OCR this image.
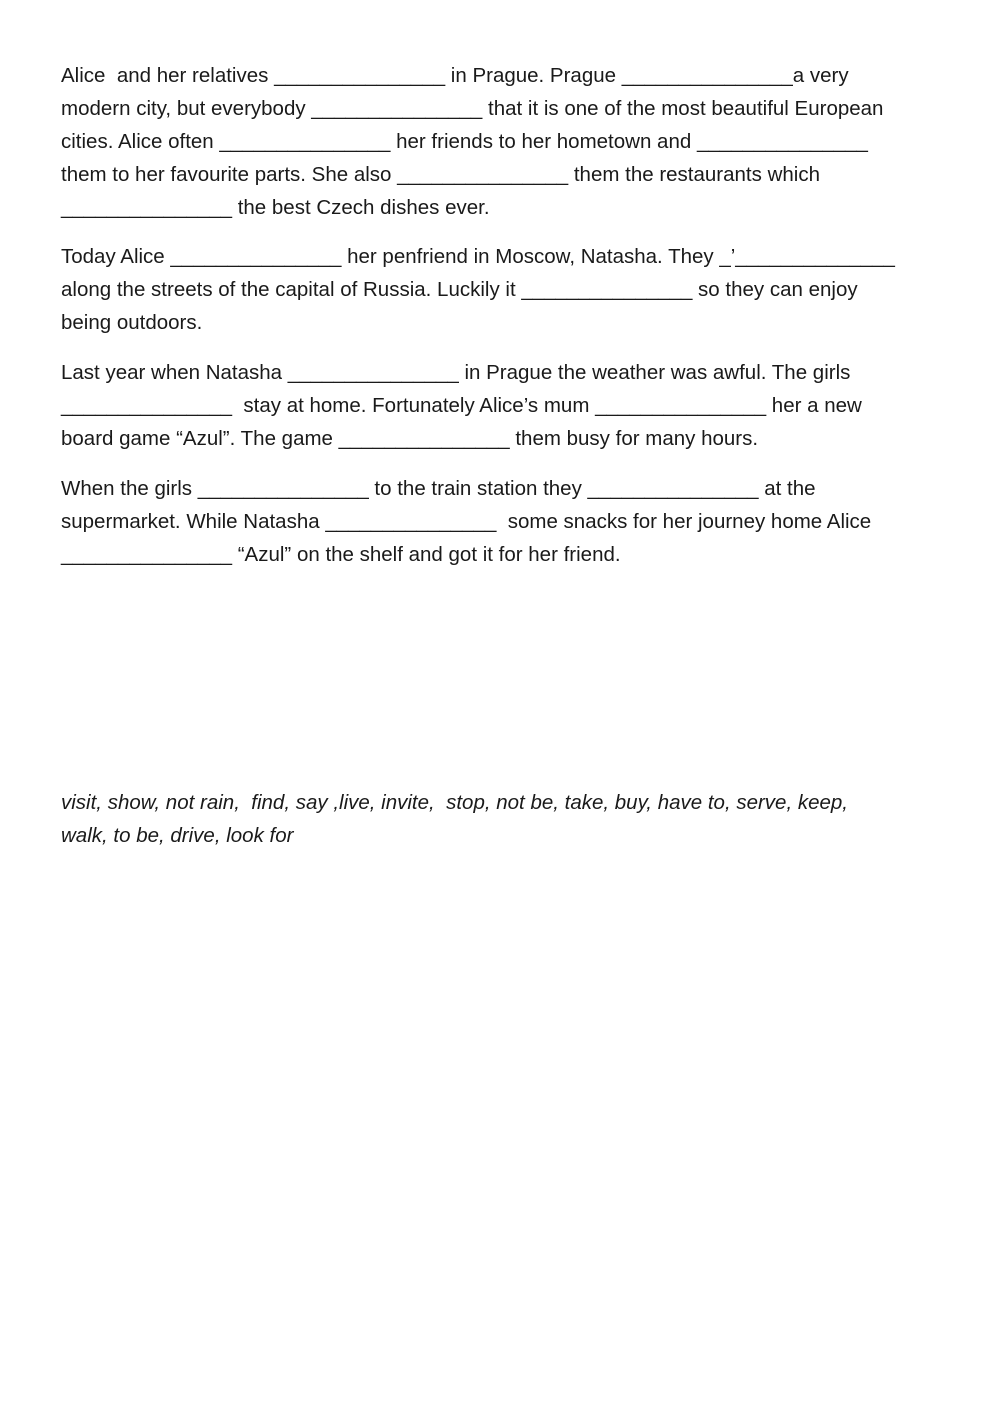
Alice  and her relatives _______________ in Prague. Prague _______________a very
modern city, but everybody _______________ that it is one of the most beautiful European
cities. Alice often _______________ her friends to her hometown and _______________
them to her favourite parts. She also _______________ them the restaurants which
_______________ the best Czech dishes ever.
Today Alice _______________ her penfriend in Moscow, Natasha. They _’______________
along the streets of the capital of Russia. Luckily it _______________ so they can enjoy
being outdoors.
Last year when Natasha _______________ in Prague the weather was awful. The girls
_______________  stay at home. Fortunately Alice’s mum _______________ her a new
board game “Azul”. The game _______________ them busy for many hours.
When the girls _______________ to the train station they _______________ at the
supermarket. While Natasha _______________  some snacks for her journey home Alice
_______________ “Azul” on the shelf and got it for her friend.
visit, show, not rain,  find, say ,live, invite,  stop, not be, take, buy, have to, serve, keep,
walk, to be, drive, look for
